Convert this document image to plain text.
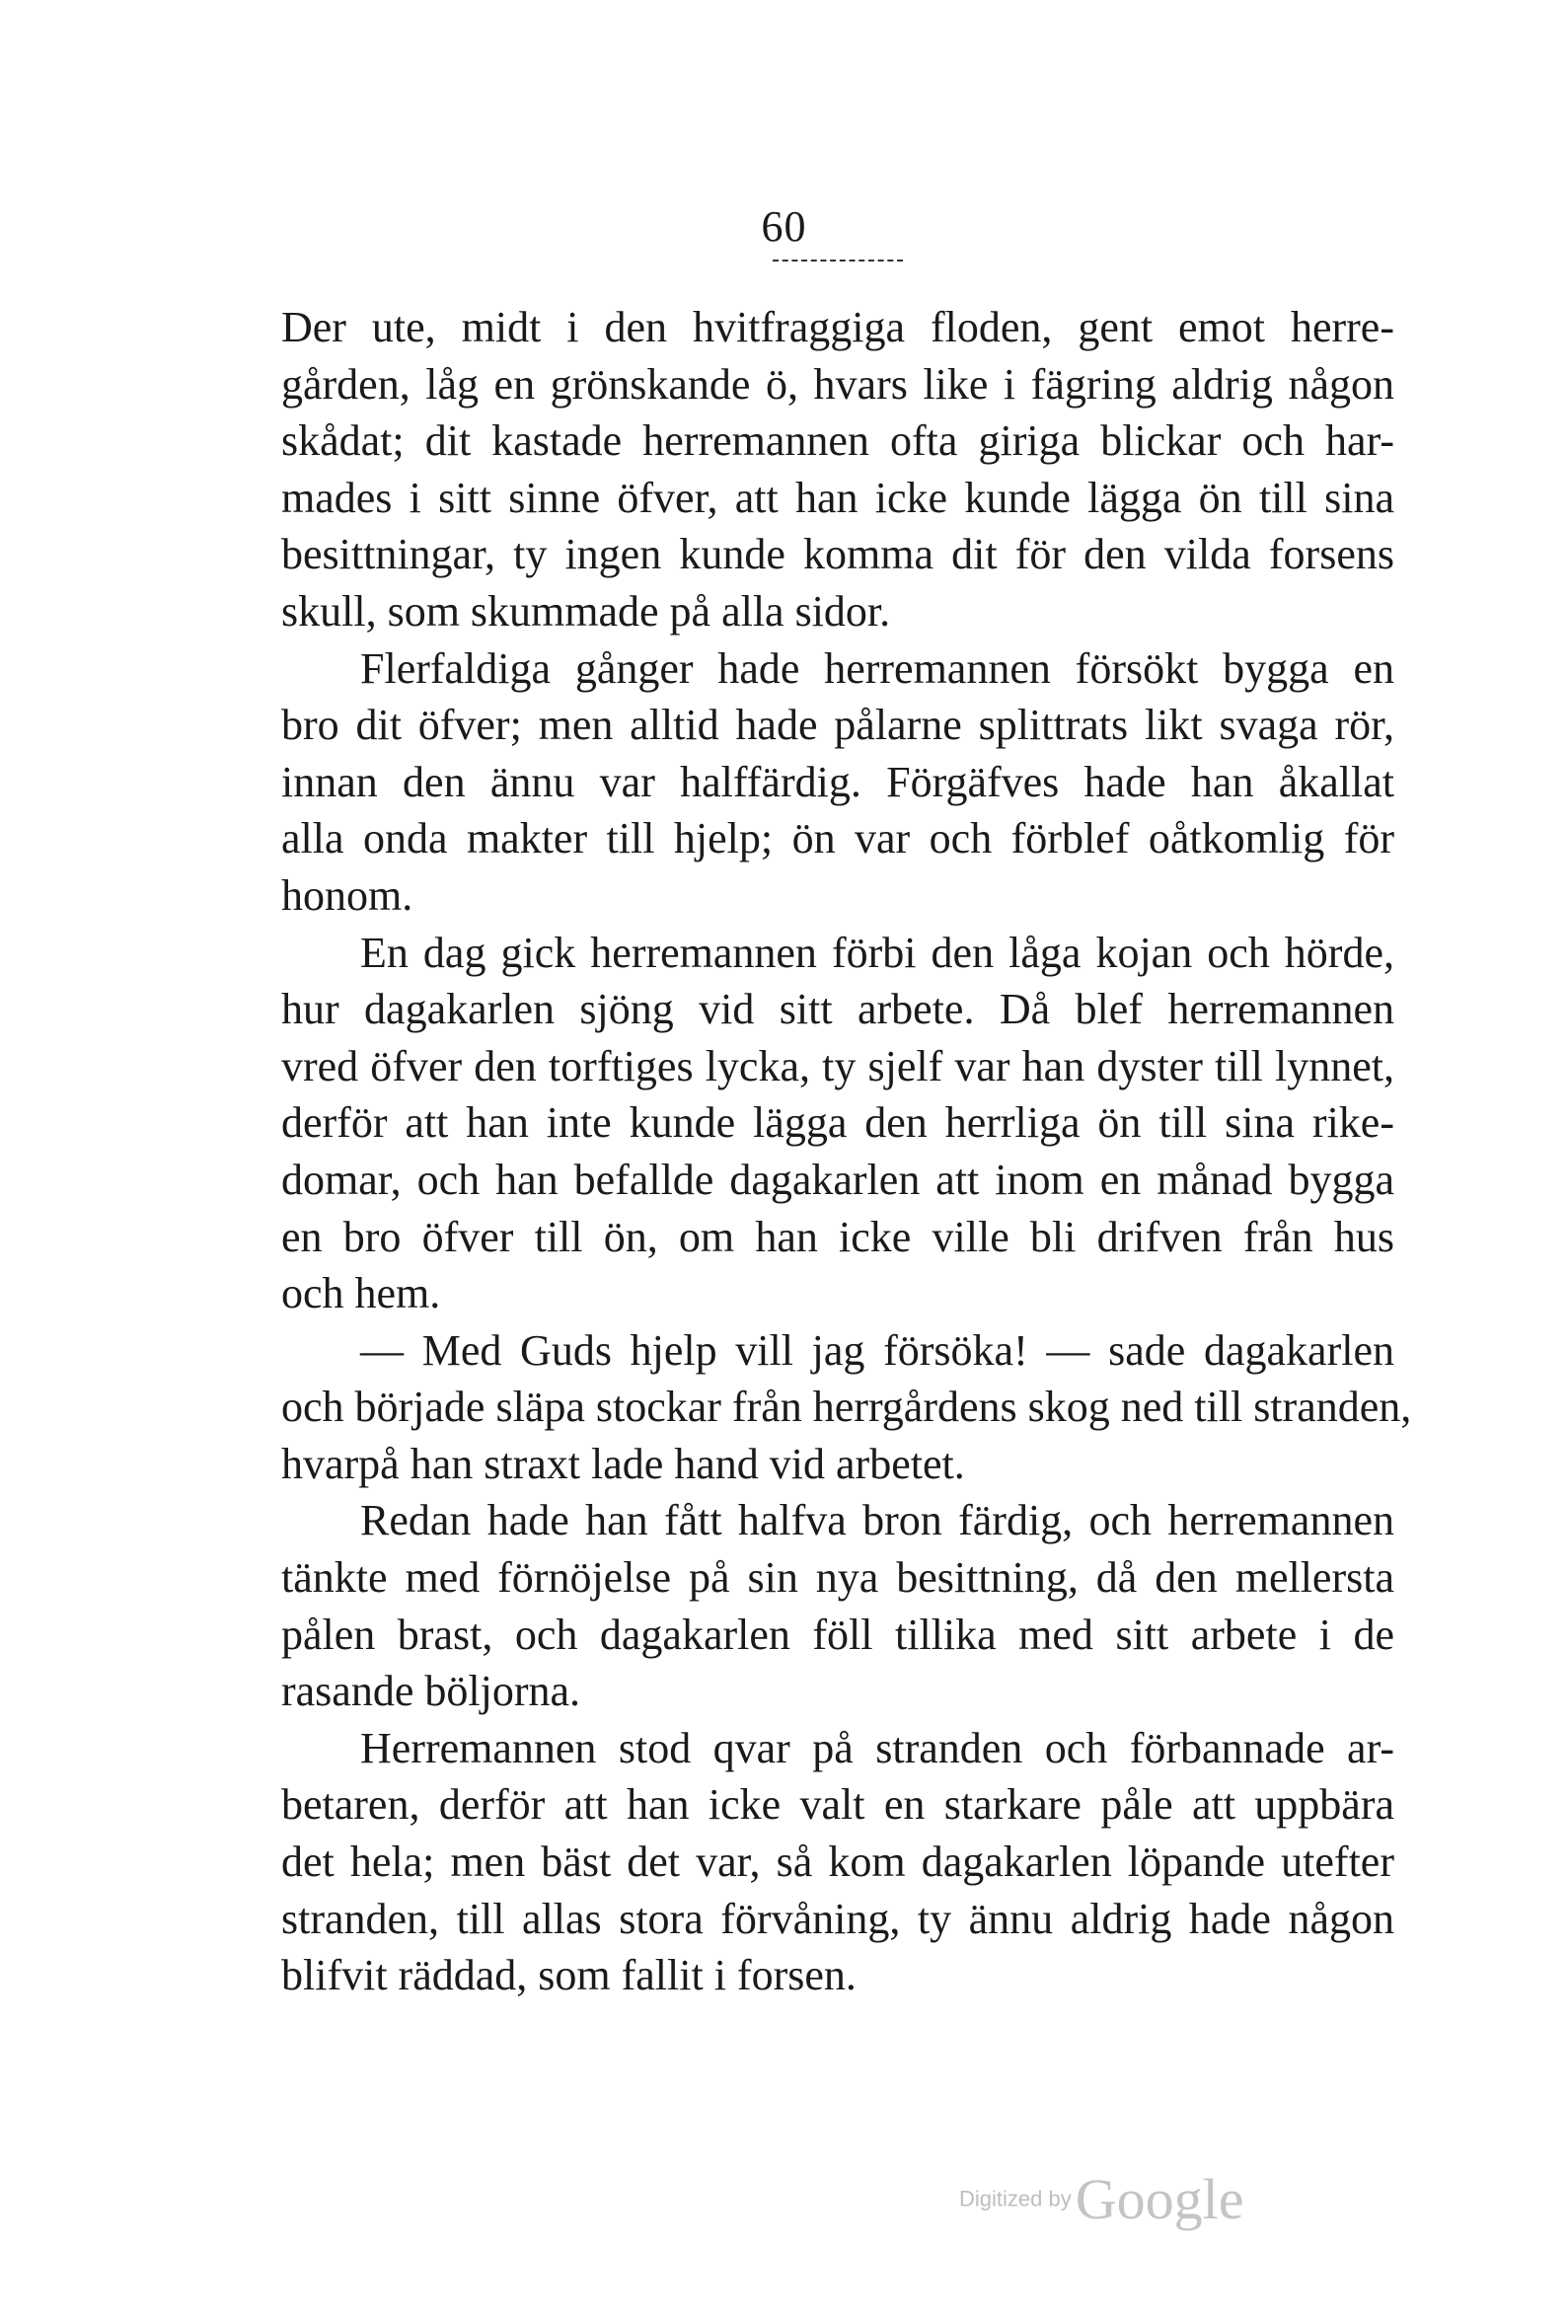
60

Der ute, midt i den hvitfraggiga floden, gent emot herre-
gården, låg en grönskande ö, hvars like i fägring aldrig någon
skådat; dit kastade herremannen ofta giriga blickar och har-
mades i sitt sinne öfver, att han icke kunde lägga ön till sina
besittningar, ty ingen kunde komma dit för den vilda forsens
skull, som skummade på alla sidor.

Flerfaldiga gånger hade herremannen försökt bygga en
bro dit öfver; men alltid hade pålarne splittrats likt svaga rör,
innan den ännu var halffärdig. Förgäfves hade han åkallat
alla onda makter till hjelp; ön var och förblef oåtkomlig för
honom.

En dag gick herremannen förbi den låga kojan och hörde,
hur dagakarlen sjöng vid sitt arbete. Då blef herremannen
vred öfver den torftiges lycka, ty sjelf var han dyster till lynnet,
derför att han inte kunde lägga den herrliga ön till sina rike-
domar, och han befallde dagakarlen att inom en månad bygga
en bro öfver till ön, om han icke ville bli drifven från hus
och hem.

— Med Guds hjelp vill jag försöka! — sade dagakarlen
och började släpa stockar från herrgårdens skog ned till stranden,
hvarpå han straxt lade hand vid arbetet.

Redan hade han fått halfva bron färdig, och herremannen
tänkte med förnöjelse på sin nya besittning, då den mellersta
pålen brast, och dagakarlen föll tillika med sitt arbete i de
rasande böljorna.

Herremannen stod qvar på stranden och förbannade ar-
betaren, derför att han icke valt en starkare påle att uppbära
det hela; men bäst det var, så kom dagakarlen löpande utefter
stranden, till allas stora förvåning, ty ännu aldrig hade någon
blifvit räddad, som fallit i forsen.

Digitized by Google
